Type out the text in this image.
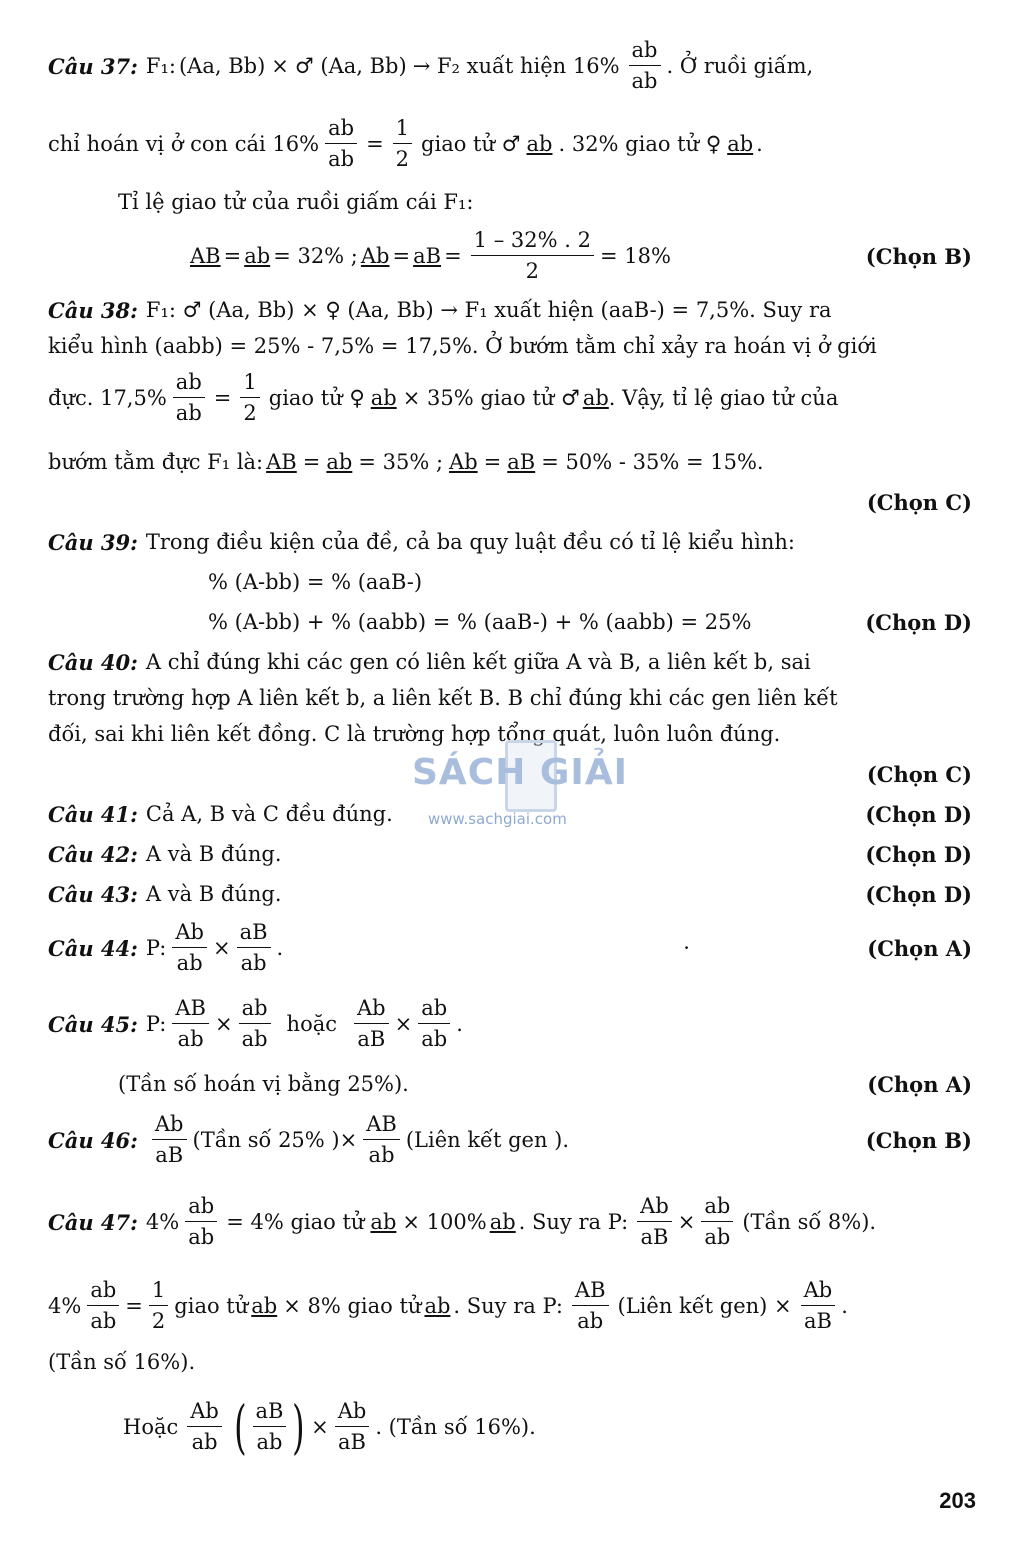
Câu 37: F₁: (Aa, Bb) × ♂ (Aa, Bb) → F₂ xuất hiện $16\% \frac{ab}{ab}$ . Ở ruồi giấm,
chỉ hoán vị ở con cái $16\% \frac{ab}{ab} = \frac{1}{2}$ giao tử ♂ ab . 32% giao tử ♀ ab .
Tỉ lệ giao tử của ruồi giấm cái F₁:
AB = ab = 32% ; Ab = aB = $\frac{1 - 32\% . 2}{2} = 18\%$	(Chọn B)
Câu 38: F₁: ♂ (Aa, Bb) × ♀ (Aa, Bb) → F₁ xuất hiện (aaB-) = 7,5%. Suy ra
kiểu hình (aabb) = 25% - 7,5% = 17,5%. Ở bướm tằm chỉ xảy ra hoán vị ở giới
đực. $17,5\% \frac{ab}{ab} = \frac{1}{2}$ giao tử ♀ ab × 35% giao tử ♂ ab . Vậy, tỉ lệ giao tử của
bướm tằm đực F₁ là: AB = ab = 35% ; Ab = aB = 50% - 35% = 15%.
(Chọn C)
Câu 39: Trong điều kiện của đề, cả ba quy luật đều có tỉ lệ kiểu hình:
% (A-bb) = % (aaB-)
% (A-bb) + % (aabb) = % (aaB-) + % (aabb) = 25%	(Chọn D)
Câu 40: A chỉ đúng khi các gen có liên kết giữa A và B, a liên kết b, sai
trong trường hợp A liên kết b, a liên kết B. B chỉ đúng khi các gen liên kết
đối, sai khi liên kết đồng. C là trường hợp tổng quát, luôn luôn đúng.
(Chọn C)
Câu 41: Cả A, B và C đều đúng.	(Chọn D)
Câu 42: A và B đúng.	(Chọn D)
Câu 43: A và B đúng.	(Chọn D)
Câu 44: P: $\frac{Ab}{ab} \times \frac{aB}{ab}$ .	·	(Chọn A)
Câu 45: P: $\frac{AB}{ab} \times \frac{ab}{ab}$ hoặc $\frac{Ab}{aB} \times \frac{ab}{ab}$ .
(Tần số hoán vị bằng 25%).	(Chọn A)
Câu 46: $\frac{Ab}{aB}$ (Tần số 25% ) × $\frac{AB}{ab}$ (Liên kết gen ).	(Chọn B)
Câu 47: $4\% \frac{ab}{ab} = 4\%$ giao tử ab × 100% ab . Suy ra P: $\frac{Ab}{aB} \times \frac{ab}{ab}$ (Tần số 8%).
$4\% \frac{ab}{ab} = \frac{1}{2}$ giao tử ab × 8% giao tử ab . Suy ra P: $\frac{AB}{ab}$ (Liên kết $gen) \times \frac{Ab}{aB}$ .
(Tần số 16%).
Hoặc $\frac{Ab}{ab}$ ( $\frac{aB}{ab}$ ) × $\frac{Ab}{aB}$ . (Tần số 16%).
SÁCH GIẢI
www.sachgiai.com
203
